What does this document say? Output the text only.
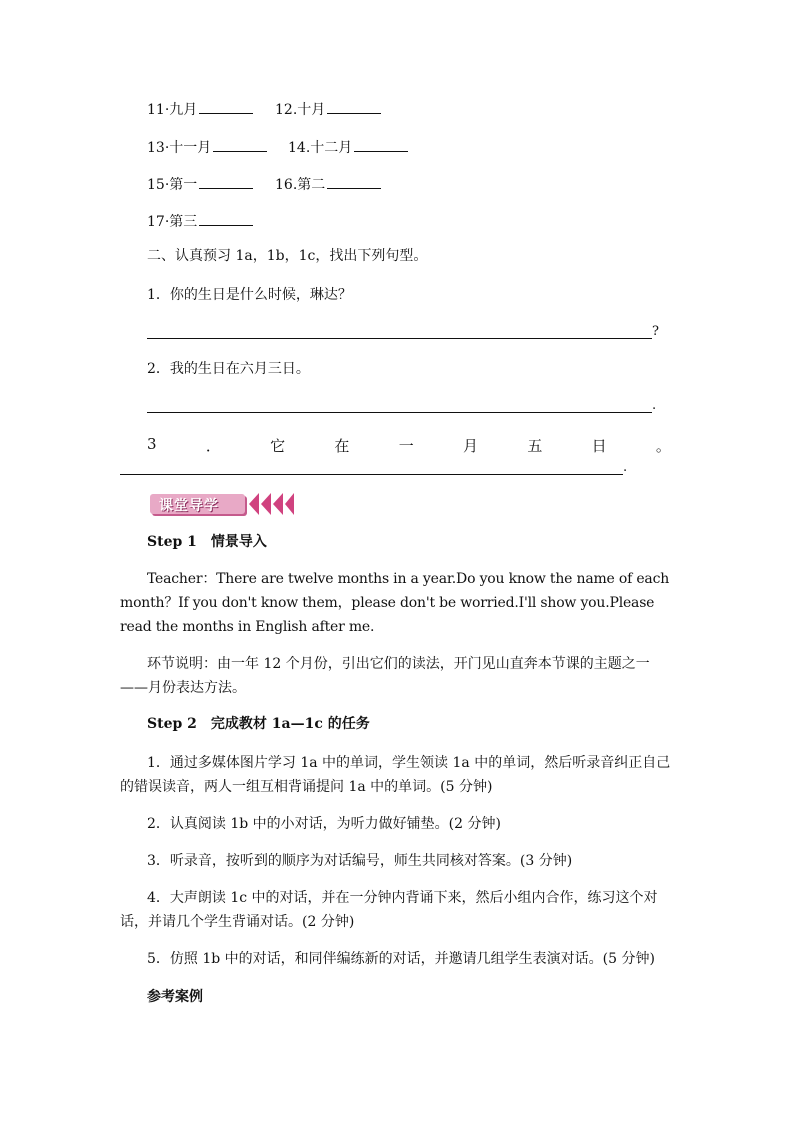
11·九月	12.十月
13·十一月	14.十二月
15·第一	16.第二
17·第三
二、认真预习 1a，1b，1c，找出下列句型。
1．你的生日是什么时候，琳达？
?
2．我的生日在六月三日。
.
3	．	它	在	一	月	五	日	。
.
课堂导学
Step 1　情景导入
Teacher：There are twelve months in a year.Do you know the name of each month？If you don't know them，please don't be worried.I'll show you.Please read the months in English after me.
环节说明：由一年 12 个月份，引出它们的读法，开门见山直奔本节课的主题之一——月份表达方法。
Step 2　完成教材 1a—1c 的任务
1．通过多媒体图片学习 1a 中的单词，学生领读 1a 中的单词，然后听录音纠正自己的错误读音，两人一组互相背诵提问 1a 中的单词。(5 分钟)
2．认真阅读 1b 中的小对话，为听力做好铺垫。(2 分钟)
3．听录音，按听到的顺序为对话编号，师生共同核对答案。(3 分钟)
4．大声朗读 1c 中的对话，并在一分钟内背诵下来，然后小组内合作，练习这个对话，并请几个学生背诵对话。(2 分钟)
5．仿照 1b 中的对话，和同伴编练新的对话，并邀请几组学生表演对话。(5 分钟)
参考案例
